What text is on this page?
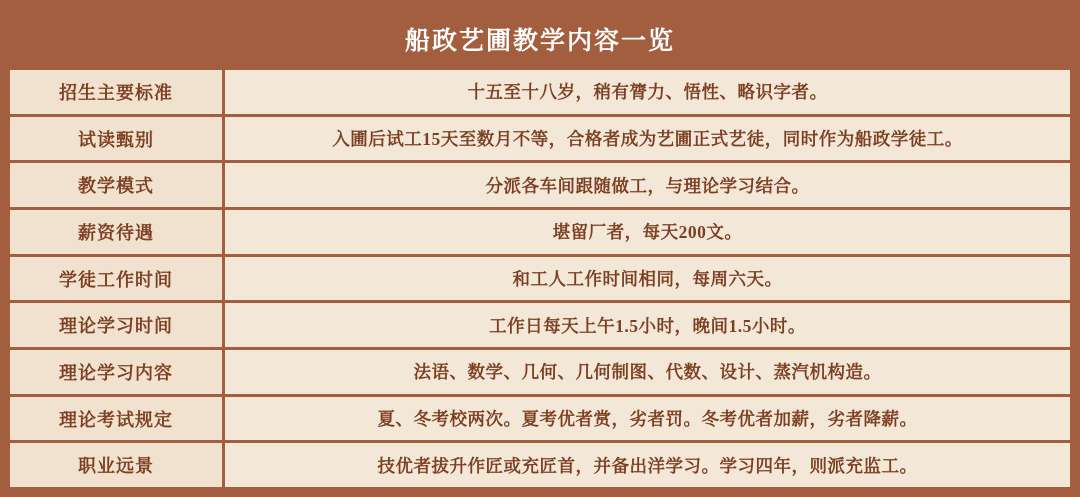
船政艺圃教学内容一览
招生主要标准	十五至十八岁，稍有膂力、悟性、略识字者。
试读甄别	入圃后试工15天至数月不等，合格者成为艺圃正式艺徒，同时作为船政学徒工。
教学模式	分派各车间跟随做工，与理论学习结合。
薪资待遇	堪留厂者，每天200文。
学徒工作时间	和工人工作时间相同，每周六天。
理论学习时间	工作日每天上午1.5小时，晚间1.5小时。
理论学习内容	法语、数学、几何、几何制图、代数、设计、蒸汽机构造。
理论考试规定	夏、冬考校两次。夏考优者赏，劣者罚。冬考优者加薪，劣者降薪。
职业远景	技优者拔升作匠或充匠首，并备出洋学习。学习四年，则派充监工。
